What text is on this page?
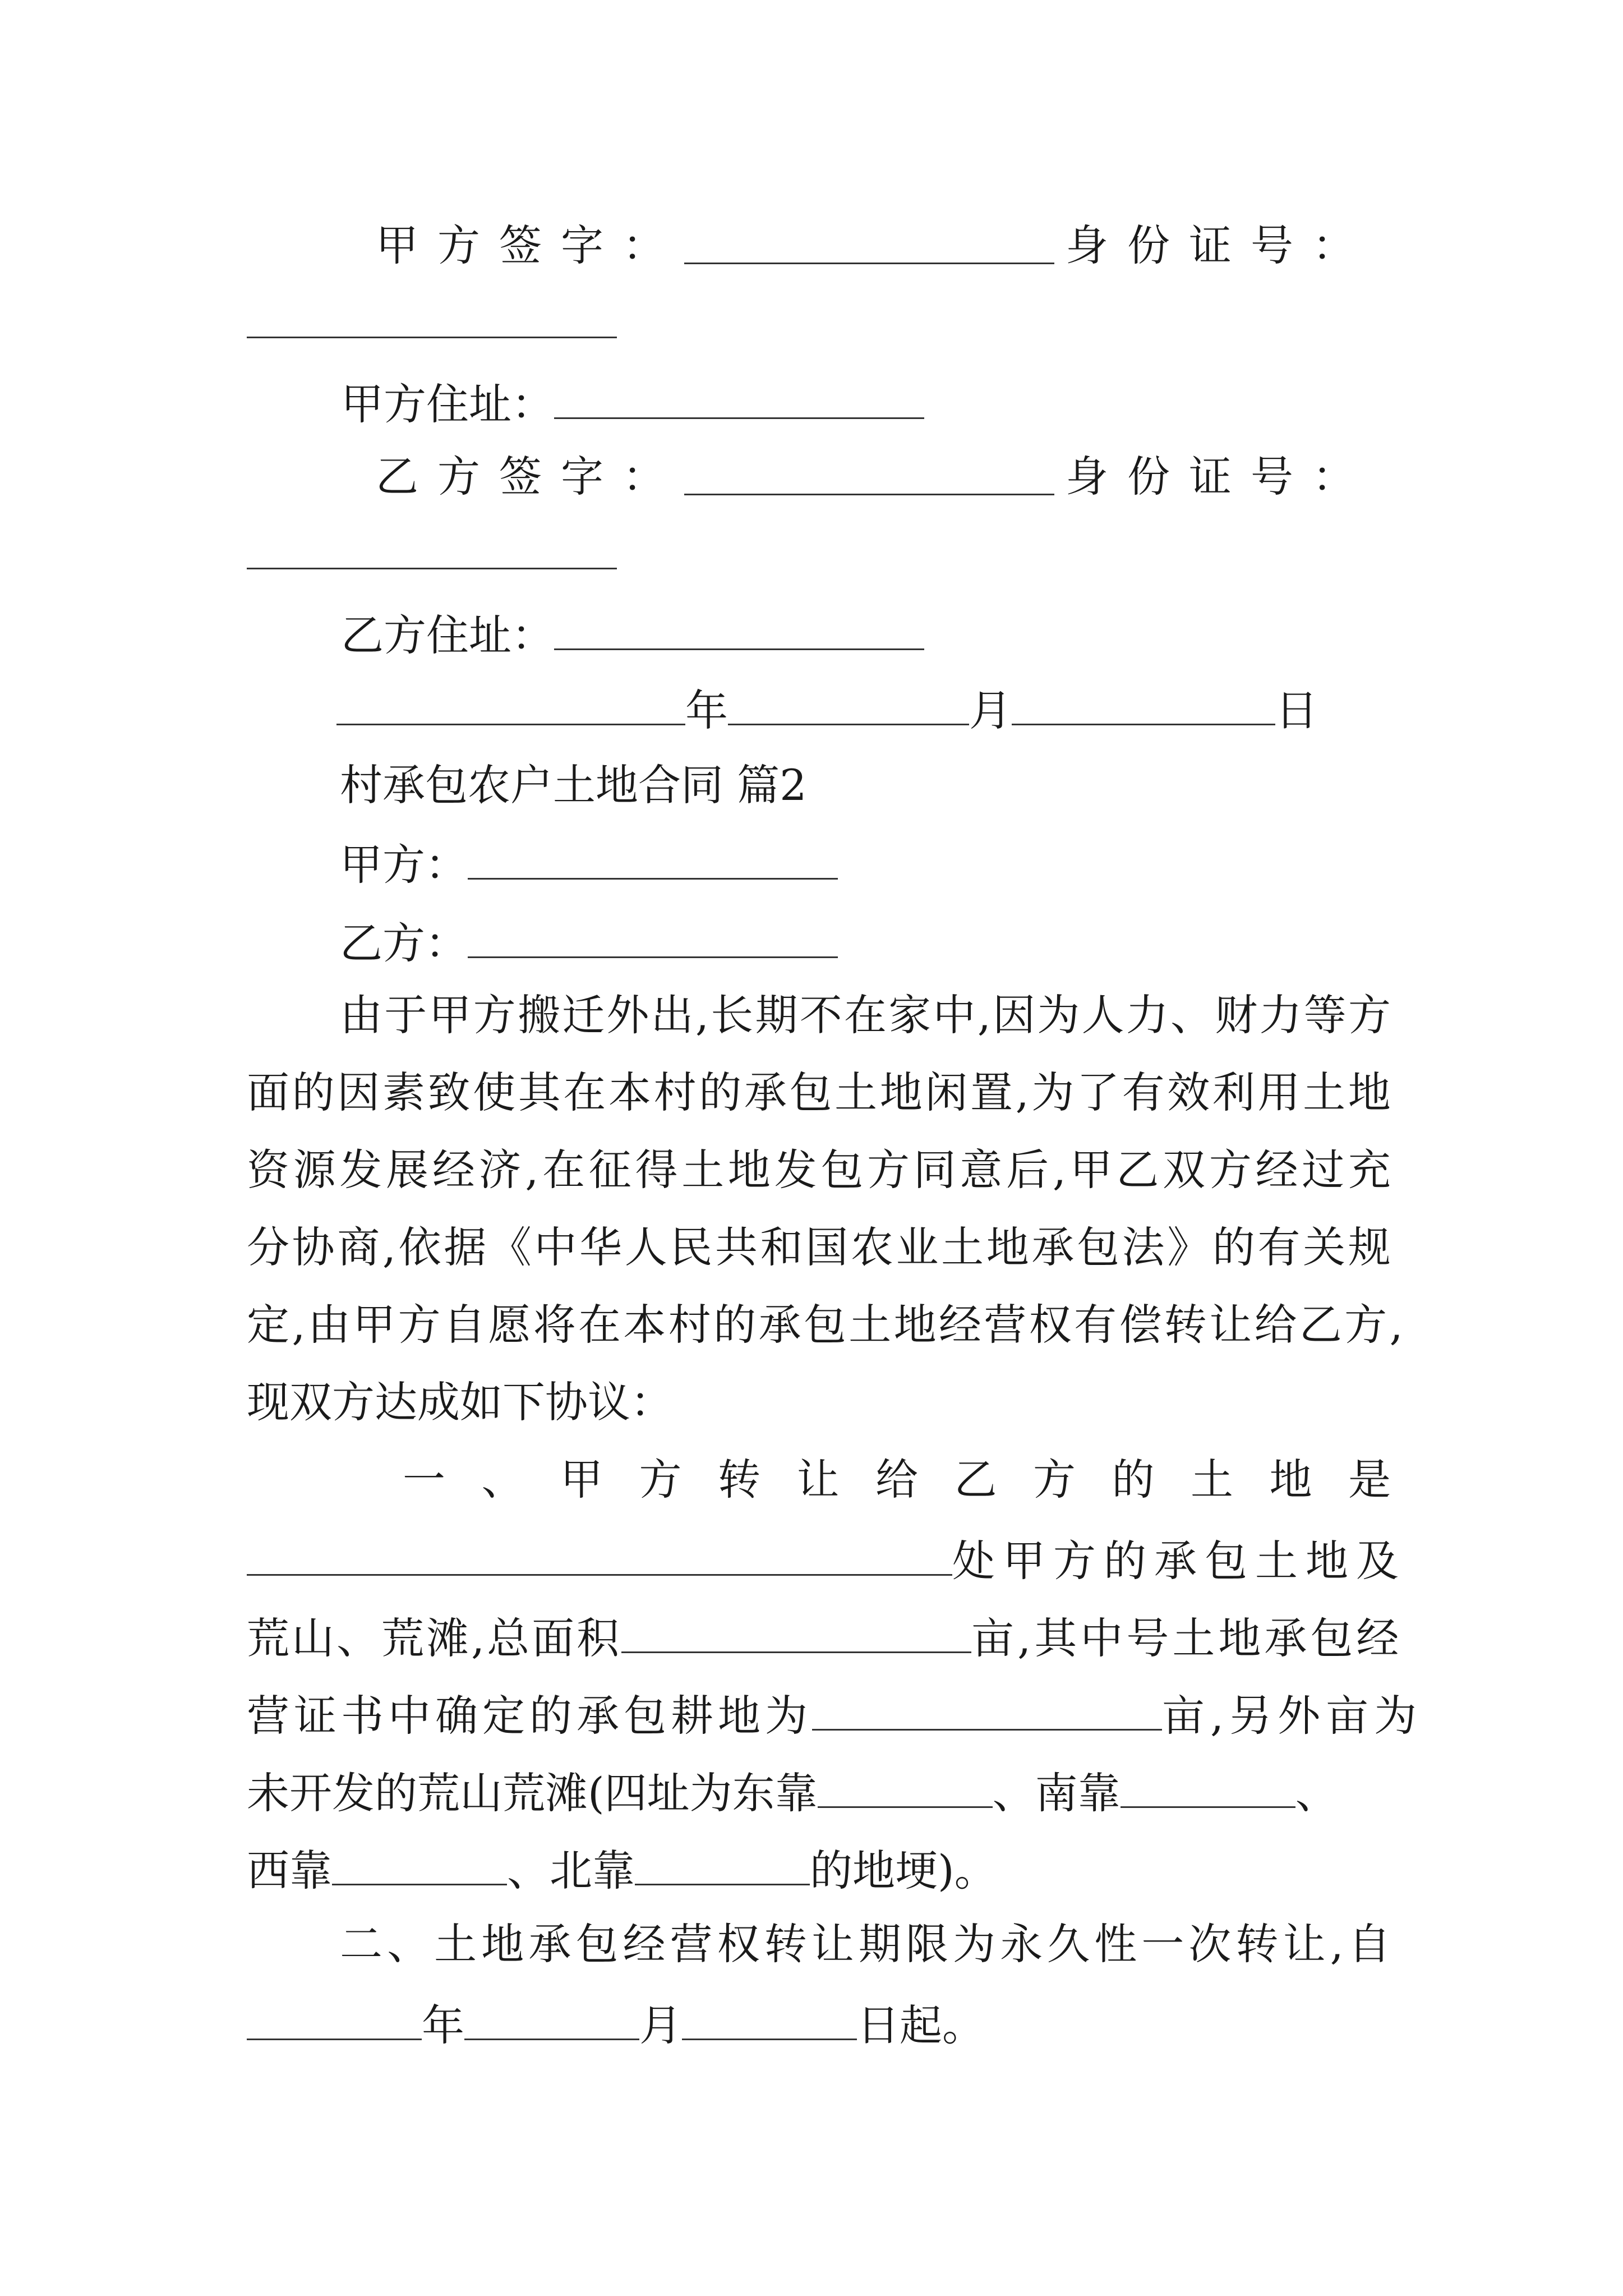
甲方签字：	身份证号：
甲方住址：
乙方签字：	身份证号：
乙方住址：
年	月	日
村承包农户土地合同 篇2
甲方：
乙方：
由 于 甲 方 搬 迁 外 出 , 长 期 不 在 家 中 , 因 为 人 力 、 财 力 等 方
面 的 因 素 致 使 其 在 本 村 的 承 包 土 地 闲 置 , 为 了 有 效 利 用 土 地
资 源 发 展 经 济 , 在 征 得 土 地 发 包 方 同 意 后 , 甲 乙 双 方 经 过 充
分 协 商 , 依 据 《 中 华 人 民 共 和 国 农 业 土 地 承 包 法 》 的 有 关 规
定 , 由 甲 方 自 愿 将 在 本 村 的 承 包 土 地 经 营 权 有 偿 转 让 给 乙 方 ,
现双方达成如下协议：
一 、 甲 方 转 让 给 乙 方 的 土 地 是
处甲方的承包土地及
荒山、荒滩,总面积	亩,其中号土地承包经
营证书中确定的承包耕地为	亩,另外亩为
未开发的荒山荒滩(四址为东靠	、南靠	、
西靠	、北靠	的地埂)。
二 、 土 地 承 包 经 营 权 转 让 期 限 为 永 久 性 一 次 转 让 , 自
年	月	日起。
